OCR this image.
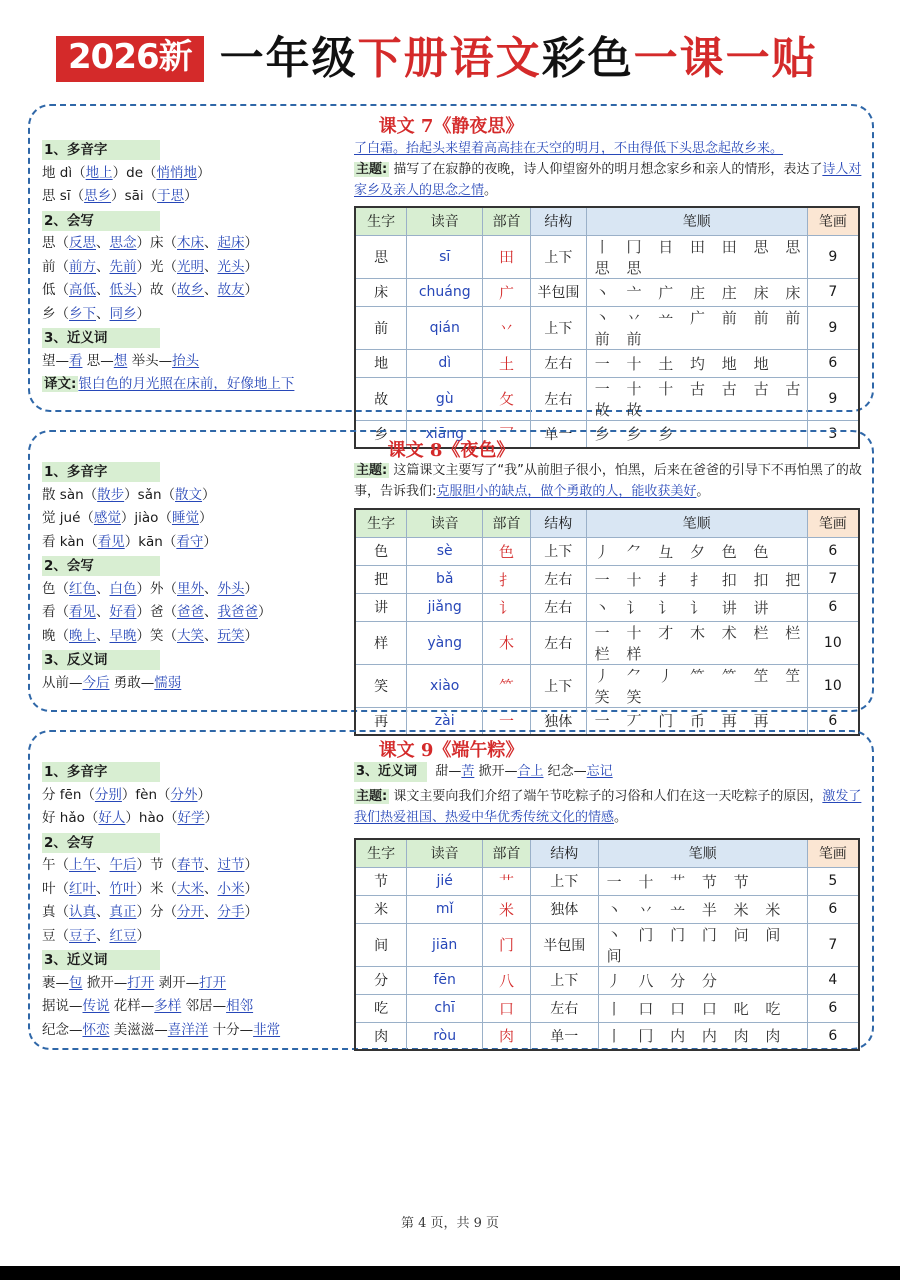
2026新 一年级下册语文彩色一课一贴
课文 7《静夜思》
1、多音字
地 dì（地上）de（悄悄地）
思 sī（思乡）sāi（于思）
2、会写
思（反思、思念）床（木床、起床）
前（前方、先前）光（光明、光头）
低（高低、低头）故（故乡、故友）
乡（乡下、同乡）
3、近义词
望—看 思—想 举头—抬头
译文: 银白色的月光照在床前，好像地上下
了白霜。抬起头来望着高高挂在天空的明月，不由得低下头思念起故乡来。
主题: 描写了在寂静的夜晚，诗人仰望窗外的明月想念家乡和亲人的情形，表达了诗人对家乡及亲人的思念之情。
生字	读音	部首	结构	笔顺	笔画
思	sī	田	上下	丨 冂 日 田 田 思 思 思 思	9
床	chuáng	广	半包围	丶 亠 广 庄 庄 床 床	7
前	qián	丷	上下	丶 丷 䒑 广 前 前 前 前 前	9
地	dì	土	左右	一 十 土 圴 地 地	6
故	gù	攵	左右	一 十 十 古 古 古 古 故 故	9
乡	xiāng	乛	单一	乡 乡 乡	3
课文 8《夜色》
1、多音字
散 sàn（散步）sǎn（散文）
觉 jué（感觉）jiào（睡觉）
看 kàn（看见）kān（看守）
2、会写
色（红色、白色）外（里外、外头）
看（看见、好看）爸（爸爸、我爸爸）
晚（晚上、早晚）笑（大笑、玩笑）
3、反义词
从前—今后 勇敢—懦弱
主题: 这篇课文主要写了“我”从前胆子很小，怕黑，后来在爸爸的引导下不再怕黑了的故事，告诉我们:克服胆小的缺点，做个勇敢的人，能收获美好。
生字	读音	部首	结构	笔顺	笔画
色	sè	色	上下	丿 ⺈ 彑 夕 色 色	6
把	bǎ	扌	左右	一 十 扌 扌 扣 扣 把	7
讲	jiǎng	讠	左右	丶 讠 讠 讠 讲 讲	6
样	yàng	木	左右	一 十 才 木 术 栏 栏 栏 样	10
笑	xiào	⺮	上下	丿 ⺈ 丿 ⺮ ⺮ 笁 笁 笑 笑	10
再	zài	一	独体	一 丆 门 币 再 再	6
课文 9《端午粽》
1、多音字
分 fēn（分别）fèn（分外）
好 hǎo（好人）hào（好学）
2、会写
午（上午、午后）节（春节、过节）
叶（红叶、竹叶）米（大米、小米）
真（认真、真正）分（分开、分手）
豆（豆子、红豆）
3、近义词
裹—包 掀开—打开 剥开—打开
据说—传说 花样—多样 邻居—相邻
纪念—怀恋 美滋滋—喜洋洋 十分—非常
3、近义词 甜—苦 掀开—合上 纪念—忘记
主题: 课文主要向我们介绍了端午节吃粽子的习俗和人们在这一天吃粽子的原因，激发了我们热爱祖国、热爱中华优秀传统文化的情感。
生字	读音	部首	结构	笔顺	笔画
节	jié	艹	上下	一 十 艹 节 节	5
米	mǐ	米	独体	丶 丷 䒑 半 米 米	6
间	jiān	门	半包围	丶 门 门 门 问 间 间	7
分	fēn	八	上下	丿 八 分 分	4
吃	chī	口	左右	丨 口 口 口 叱 吃	6
肉	ròu	肉	单一	丨 冂 内 内 肉 肉	6
第 4 页，共 9 页
